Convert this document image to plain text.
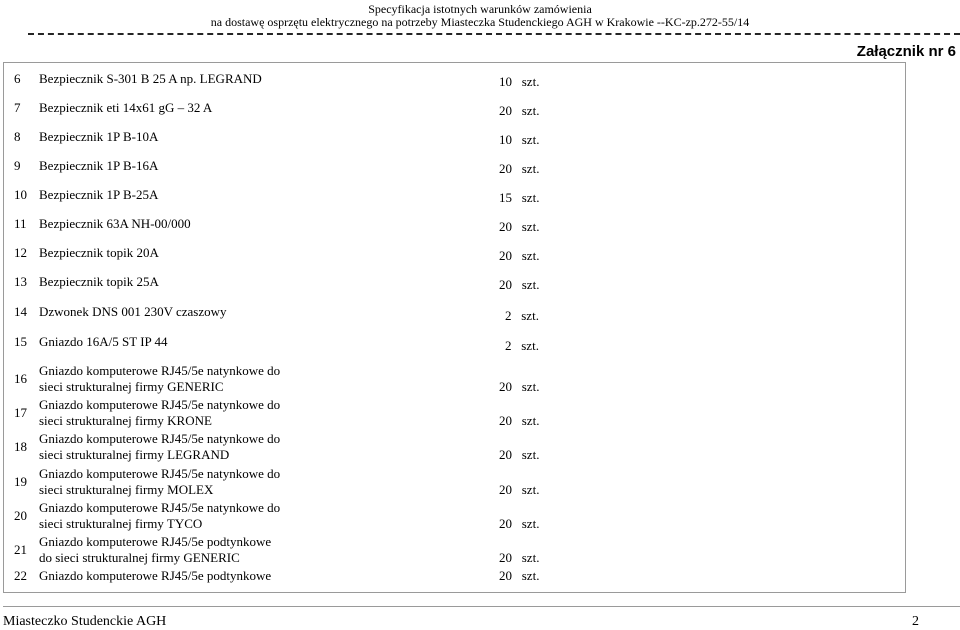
Specyfikacja istotnych warunków zamówienia
na dostawę osprzętu elektrycznego na potrzeby Miasteczka Studenckiego AGH w Krakowie --KC-zp.272-55/14
Załącznik nr 6
6 Bezpiecznik S-301 B 25 A np. LEGRAND	10 szt.
7 Bezpiecznik eti 14x61 gG – 32 A	20 szt.
8 Bezpiecznik 1P B-10A	10 szt.
9 Bezpiecznik 1P B-16A	20 szt.
10 Bezpiecznik 1P B-25A	15 szt.
11 Bezpiecznik 63A NH-00/000	20 szt.
12 Bezpiecznik topik 20A	20 szt.
13 Bezpiecznik topik 25A	20 szt.
14 Dzwonek DNS 001 230V czaszowy	2 szt.
15 Gniazdo 16A/5 ST IP 44	2 szt.
16
Gniazdo komputerowe RJ45/5e natynkowe do
sieci strukturalnej firmy GENERIC	20 szt.
17
Gniazdo komputerowe RJ45/5e natynkowe do
sieci strukturalnej firmy KRONE	20 szt.
18
Gniazdo komputerowe RJ45/5e natynkowe do
sieci strukturalnej firmy LEGRAND	20 szt.
19
Gniazdo komputerowe RJ45/5e natynkowe do
sieci strukturalnej firmy MOLEX	20 szt.
20
Gniazdo komputerowe RJ45/5e natynkowe do
sieci strukturalnej firmy TYCO	20 szt.
21
Gniazdo komputerowe RJ45/5e podtynkowe
do sieci strukturalnej firmy GENERIC	20 szt.
22 Gniazdo komputerowe RJ45/5e podtynkowe	20 szt.
Miasteczko Studenckie AGH	2
